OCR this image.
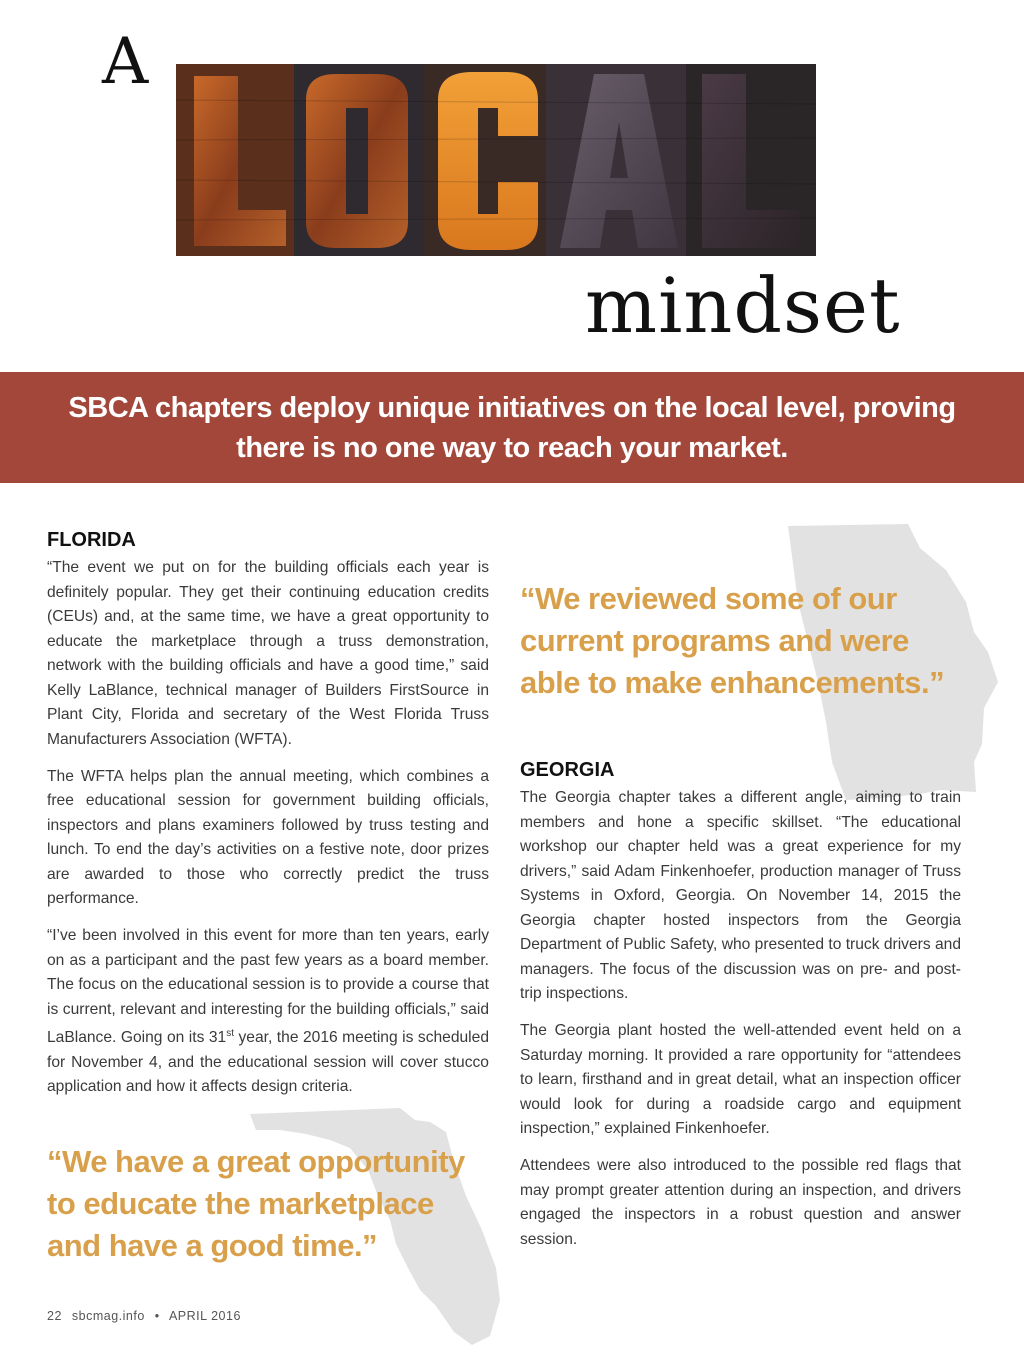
A
mindset
SBCA chapters deploy unique initiatives on the local level, proving there is no one way to reach your market.
FLORIDA

“The event we put on for the building officials each year is definitely popular. They get their continuing education credits (CEUs) and, at the same time, we have a great opportunity to educate the marketplace through a truss demonstration, network with the building officials and have a good time,” said Kelly LaBlance, technical manager of Builders FirstSource in Plant City, Florida and secretary of the West Florida Truss Manufacturers Association (WFTA).

The WFTA helps plan the annual meeting, which combines a free educational session for government building officials, inspectors and plans examiners followed by truss testing and lunch. To end the day’s activities on a festive note, door prizes are awarded to those who correctly predict the truss performance.

“I’ve been involved in this event for more than ten years, early on as a participant and the past few years as a board member. The focus on the educational session is to provide a course that is current, relevant and interesting for the building officials,” said LaBlance. Going on its 31st year, the 2016 meeting is scheduled for November 4, and the educational session will cover stucco application and how it affects design criteria.

“We have a great opportunity to educate the marketplace and have a good time.”
“We reviewed some of our current programs and were able to make enhancements.”
GEORGIA

The Georgia chapter takes a different angle, aiming to train members and hone a specific skillset. “The educational workshop our chapter held was a great experience for my drivers,” said Adam Finkenhoefer, production manager of Truss Systems in Oxford, Georgia. On November 14, 2015 the Georgia chapter hosted inspectors from the Georgia Department of Public Safety, who presented to truck drivers and managers. The focus of the discussion was on pre- and post-trip inspections.

The Georgia plant hosted the well-attended event held on a Saturday morning. It provided a rare opportunity for “attendees to learn, firsthand and in great detail, what an inspection officer would look for during a roadside cargo and equipment inspection,” explained Finkenhoefer.

Attendees were also introduced to the possible red flags that may prompt greater attention during an inspection, and drivers engaged the inspectors in a robust question and answer session.

22 sbcmag.info • APRIL 2016
